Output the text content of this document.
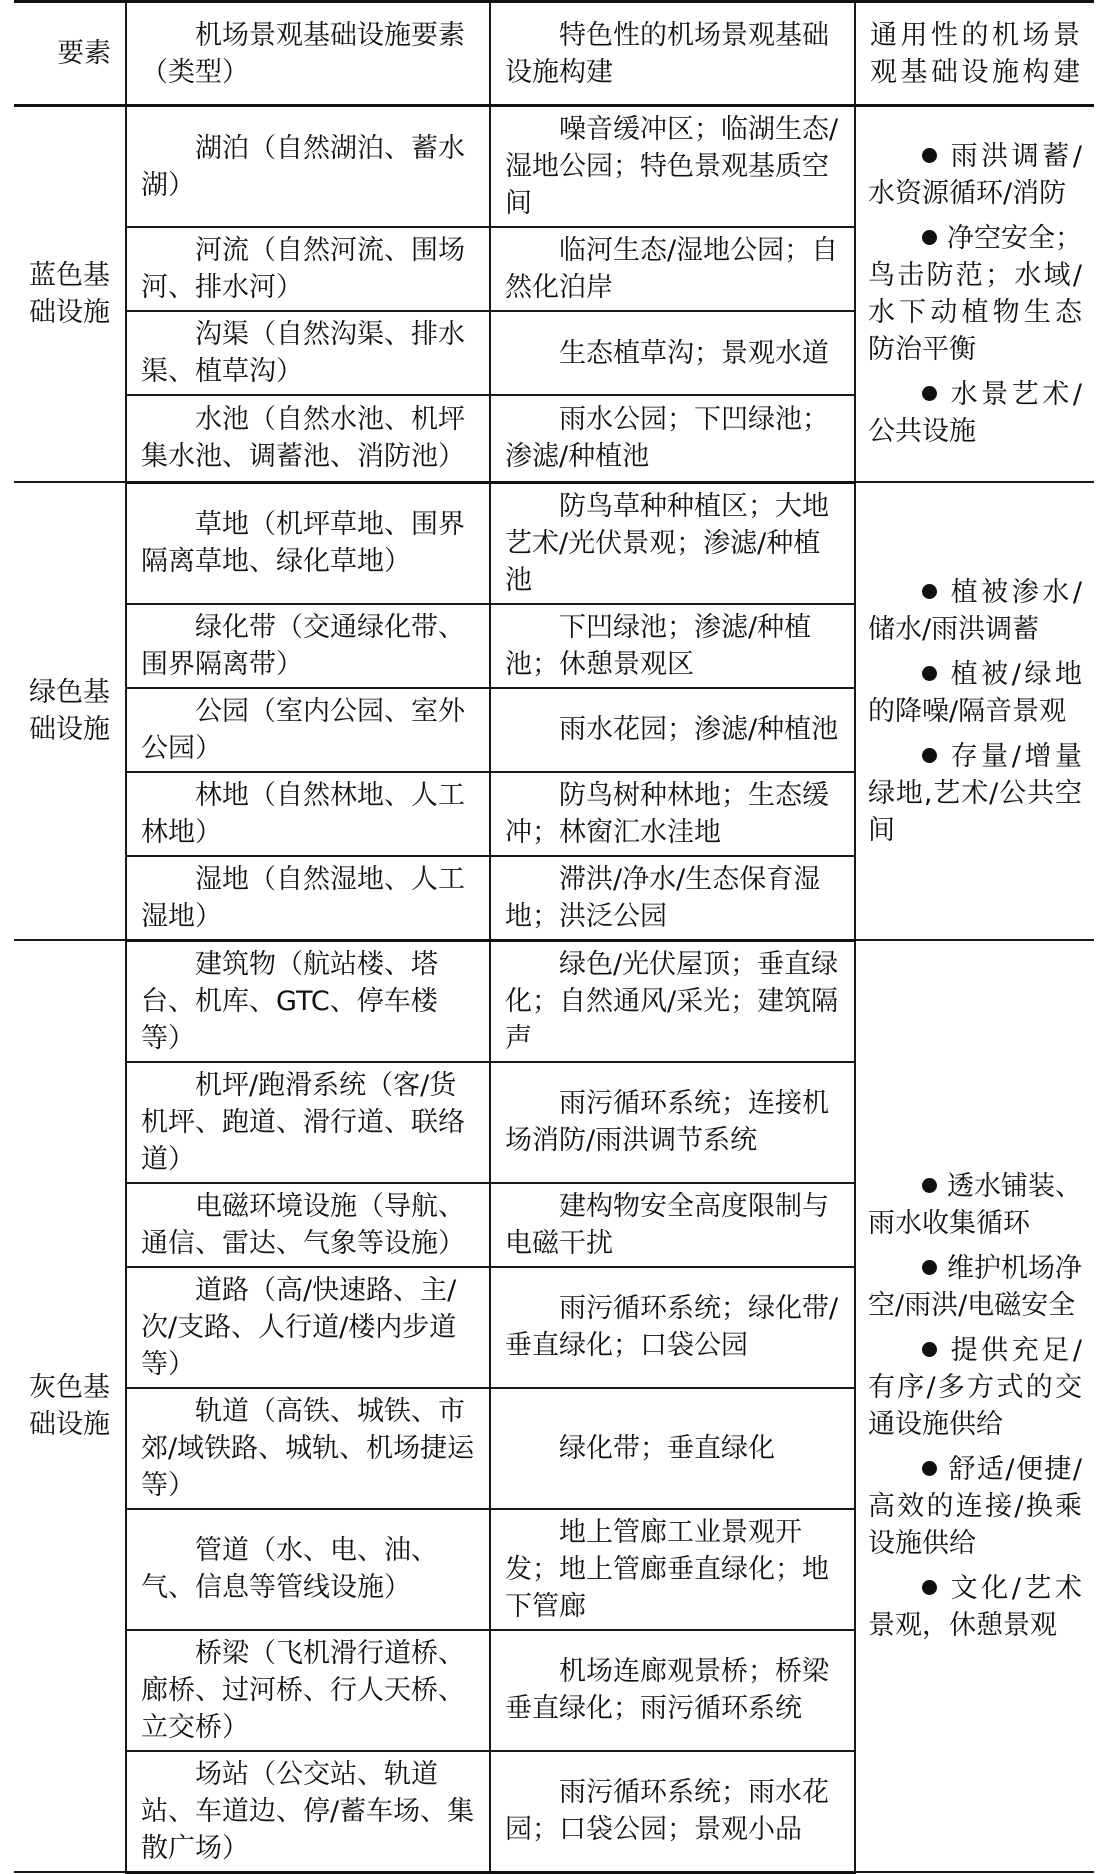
要素	机场景观基础设施要素（类型）	特色性的机场景观基础设施构建	通用性的机场景观基础设施构建
蓝色基础设施	湖泊（自然湖泊、蓄水湖）	噪音缓冲区；临湖生态/湿地公园；特色景观基质空间	雨洪调蓄/水资源循环/消防
净空安全；鸟击防范；水域/水下动植物生态防治平衡
水景艺术/公共设施

	河流（自然河流、围场河、排水河）	临河生态/湿地公园；自然化泊岸	
	沟渠（自然沟渠、排水渠、植草沟）	生态植草沟；景观水道	
	水池（自然水池、机坪集水池、调蓄池、消防池）	雨水公园；下凹绿池；渗滤/种植池	
绿色基础设施	草地（机坪草地、围界隔离草地、绿化草地）	防鸟草种种植区；大地艺术/光伏景观；渗滤/种植池	植被渗水/储水/雨洪调蓄
植被/绿地的降噪/隔音景观
存量/增量绿地,艺术/公共空间

	绿化带（交通绿化带、围界隔离带）	下凹绿池；渗滤/种植池；休憩景观区	
	公园（室内公园、室外公园）	雨水花园；渗滤/种植池	
	林地（自然林地、人工林地）	防鸟树种林地；生态缓冲；林窗汇水洼地	
	湿地（自然湿地、人工湿地）	滞洪/净水/生态保育湿地；洪泛公园	
灰色基础设施	建筑物（航站楼、塔台、机库、GTC、停车楼等）	绿色/光伏屋顶；垂直绿化；自然通风/采光；建筑隔声	透水铺装、雨水收集循环
维护机场净空/雨洪/电磁安全
提供充足/有序/多方式的交通设施供给
舒适/便捷/高效的连接/换乘设施供给
文化/艺术景观，休憩景观

	机坪/跑滑系统（客/货机坪、跑道、滑行道、联络道）	雨污循环系统；连接机场消防/雨洪调节系统	
	电磁环境设施（导航、通信、雷达、气象等设施）	建构物安全高度限制与电磁干扰	
	道路（高/快速路、主/次/支路、人行道/楼内步道等）	雨污循环系统；绿化带/垂直绿化；口袋公园	
	轨道（高铁、城铁、市郊/域铁路、城轨、机场捷运等）	绿化带；垂直绿化	
	管道（水、电、油、气、信息等管线设施）	地上管廊工业景观开发；地上管廊垂直绿化；地下管廊	
	桥梁（飞机滑行道桥、廊桥、过河桥、行人天桥、立交桥）	机场连廊观景桥；桥梁垂直绿化；雨污循环系统	
	场站（公交站、轨道站、车道边、停/蓄车场、集散广场）	雨污循环系统；雨水花园；口袋公园；景观小品	
